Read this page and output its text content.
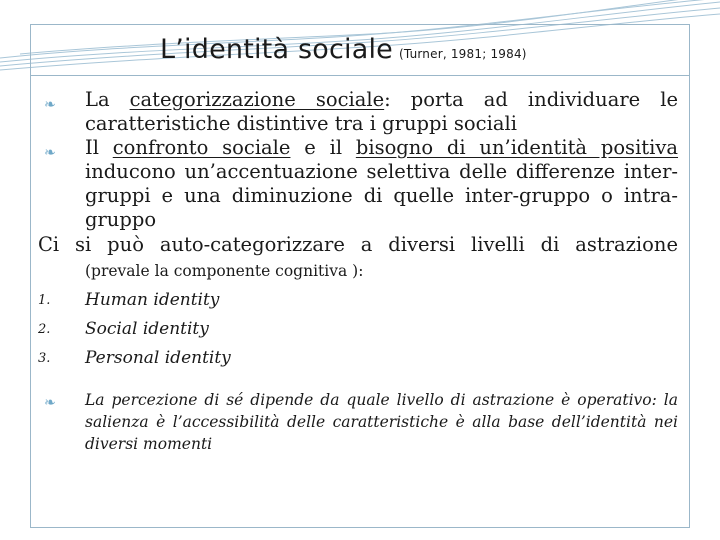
L’identità sociale (Turner, 1981; 1984)
❧ La categorizzazione sociale: porta ad individuare le caratteristiche distintive tra i gruppi sociali
❧ Il confronto sociale e il bisogno di un’identità positiva inducono un’accentuazione selettiva delle differenze inter-gruppi e una diminuzione di quelle inter-gruppo o intra-gruppo
Ci si può auto-categorizzare a diversi livelli di astrazione
(prevale la componente cognitiva ):
1. Human identity
2. Social identity
3. Personal identity
❧ La percezione di sé dipende da quale livello di astrazione è operativo: la salienza è l’accessibilità delle caratteristiche è alla base dell’identità nei diversi momenti
